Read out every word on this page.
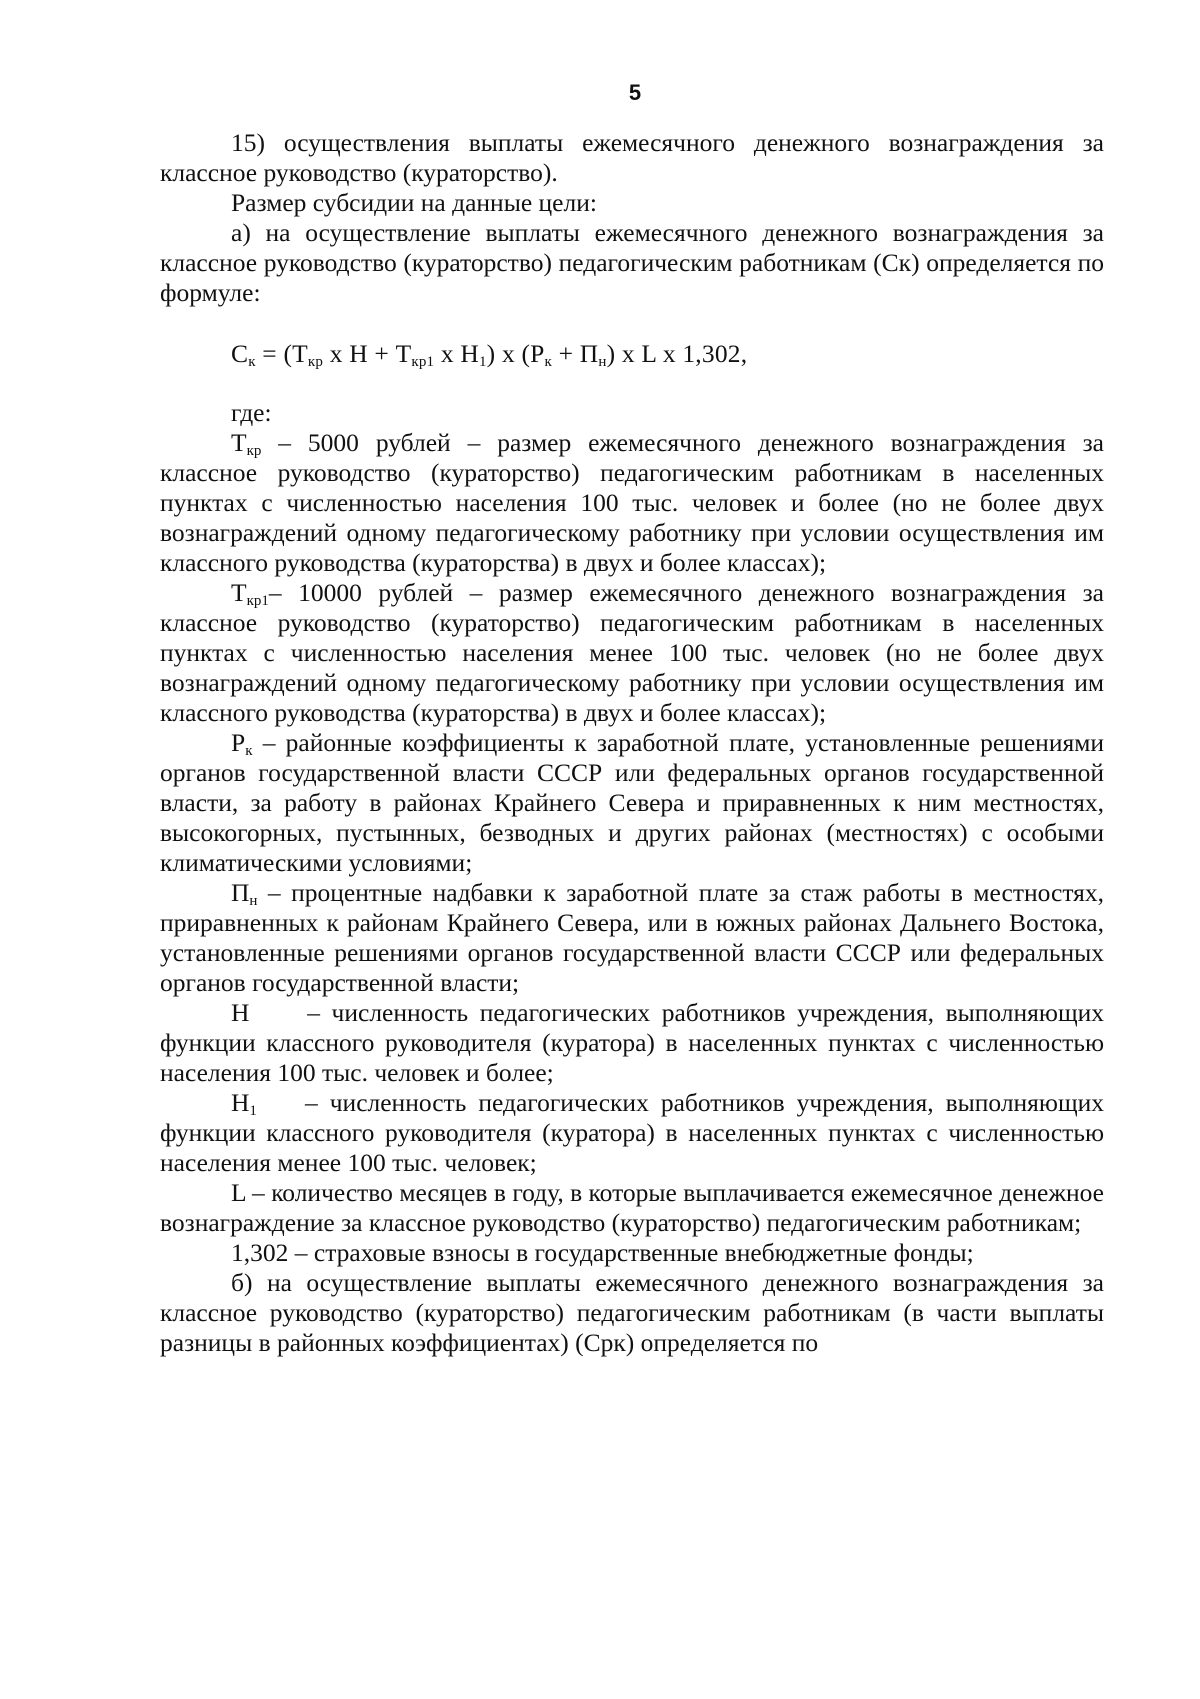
5

15) осуществления выплаты ежемесячного денежного вознаграждения за классное руководство (кураторство).

Размер субсидии на данные цели:

а) на осуществление выплаты ежемесячного денежного вознаграждения за классное руководство (кураторство) педагогическим работникам (Ск) определяется по формуле:

$С_к = (Т_{кр}$ x $Н + Т_{кр1}$ x $Н_1$) x $(Р_к + П_н)$ x L x 1,302,

где:

$Т_{кр} - 5000$ рублей – размер ежемесячного денежного вознаграждения за классное руководство (кураторство) педагогическим работникам в населенных пунктах с численностью населения 100 тыс. человек и более (но не более двух вознаграждений одному педагогическому работнику при условии осуществления им классного руководства (кураторства) в двух и более классах);

$Т_{кр1}-$ 10000 рублей – размер ежемесячного денежного вознаграждения за классное руководство (кураторство) педагогическим работникам в населенных пунктах с численностью населения менее 100 тыс. человек (но не более двух вознаграждений одному педагогическому работнику при условии осуществления им классного руководства (кураторства) в двух и более классах);

$Р_к$ – районные коэффициенты к заработной плате, установленные решениями органов государственной власти СССР или федеральных органов государственной власти, за работу в районах Крайнего Севера и приравненных к ним местностях, высокогорных, пустынных, безводных и других районах (местностях) с особыми климатическими условиями;

$П_н$ – процентные надбавки к заработной плате за стаж работы в местностях, приравненных к районам Крайнего Севера, или в южных районах Дальнего Востока, установленные решениями органов государственной власти СССР или федеральных органов государственной власти;

Н – численность педагогических работников учреждения, выполняющих функции классного руководителя (куратора) в населенных пунктах с численностью населения 100 тыс. человек и более;

$Н_1$ – численность педагогических работников учреждения, выполняющих функции классного руководителя (куратора) в населенных пунктах с численностью населения менее 100 тыс. человек;

L – количество месяцев в году, в которые выплачивается ежемесячное денежное вознаграждение за классное руководство (кураторство) педагогическим работникам;

1,302 – страховые взносы в государственные внебюджетные фонды;

б) на осуществление выплаты ежемесячного денежного вознаграждения за классное руководство (кураторство) педагогическим работникам (в части выплаты разницы в районных коэффициентах) (Срк) определяется по
